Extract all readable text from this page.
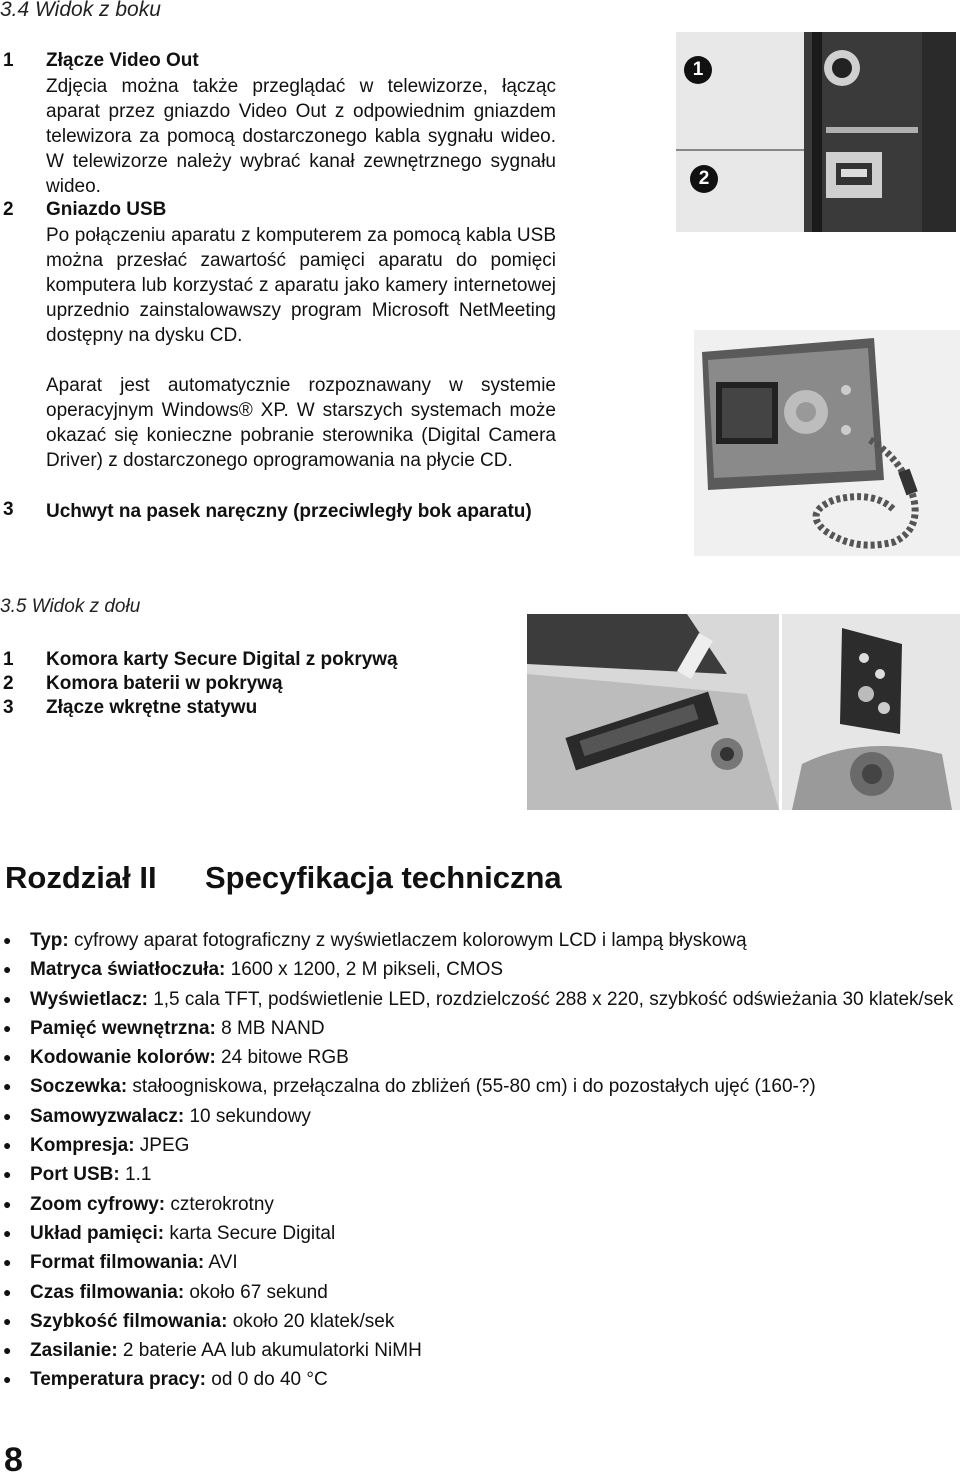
3.4 Widok z boku
1 Złącze Video Out
Zdjęcia można także przeglądać w telewizorze, łącząc aparat przez gniazdo Video Out z odpowiednim gniazdem telewizora za pomocą dostarczonego kabla sygnału wideo. W telewizorze należy wybrać kanał zewnętrznego sygnału wideo.
2 Gniazdo USB
Po połączeniu aparatu z komputerem za pomocą kabla USB można przesłać zawartość pamięci aparatu do pomięci komputera lub korzystać z aparatu jako kamery internetowej uprzednio zainstalowawszy program Microsoft NetMeeting dostępny na dysku CD.
Aparat jest automatycznie rozpoznawany w systemie operacyjnym Windows® XP. W starszych systemach może okazać się konieczne pobranie sterownika (Digital Camera Driver) z dostarczonego oprogramowania na płycie CD.
3 Uchwyt na pasek naręczny (przeciwległy bok aparatu)
1
2
3.5 Widok z dołu
1 Komora karty Secure Digital z pokrywą
2 Komora baterii w pokrywą
3 Złącze wkrętne statywu
Rozdział II Specyfikacja techniczna
● Typ: cyfrowy aparat fotograficzny z wyświetlaczem kolorowym LCD i lampą błyskową
● Matryca światłoczuła: 1600 x 1200, 2 M pikseli, CMOS
● Wyświetlacz: 1,5 cala TFT, podświetlenie LED, rozdzielczość 288 x 220, szybkość odświeżania 30 klatek/sek
● Pamięć wewnętrzna: 8 MB NAND
● Kodowanie kolorów: 24 bitowe RGB
● Soczewka: stałoogniskowa, przełączalna do zbliżeń (55-80 cm) i do pozostałych ujęć (160-?)
● Samowyzwalacz: 10 sekundowy
● Kompresja: JPEG
● Port USB: 1.1
● Zoom cyfrowy: czterokrotny
● Układ pamięci: karta Secure Digital
● Format filmowania: AVI
● Czas filmowania: około 67 sekund
● Szybkość filmowania: około 20 klatek/sek
● Zasilanie: 2 baterie AA lub akumulatorki NiMH
● Temperatura pracy: od 0 do 40 °C
8
